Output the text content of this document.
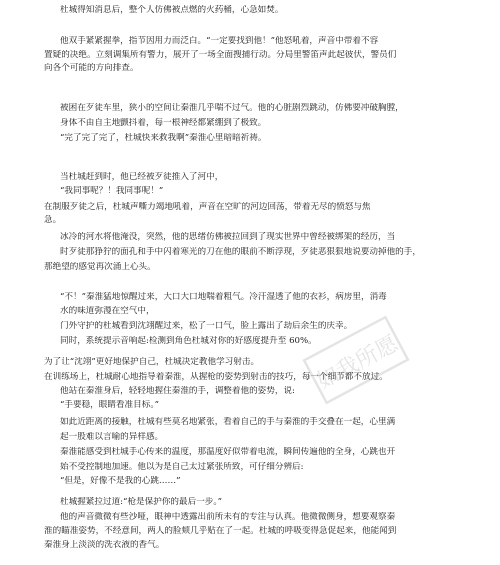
杜城得知消息后，整个人仿佛被点燃的火药桶，心急如焚。
他双手紧紧握拳，指节因用力而泛白。“一定要找到他！”他怒吼着，声音中带着不容
置疑的决绝。立刻调集所有警力，展开了一场全面搜捕行动。分局里警笛声此起彼伏，警员们
向各个可能的方向排查。
被困在歹徒车里，狭小的空间让秦淮几乎喘不过气。他的心脏剧烈跳动，仿佛要冲破胸膛，
身体不由自主地颤抖着，每一根神经都紧绷到了极致。
“完了完了完了，杜城快来救我啊”秦淮心里暗暗祈祷。
当杜城赶到时，他已经被歹徒推入了河中，
“我同事呢？！我同事呢！”
在制服歹徒之后，杜城声嘶力竭地吼着，声音在空旷的河边回荡，带着无尽的愤怒与焦
急。
冰冷的河水将他淹没，突然，他的思绪仿佛被拉回到了现实世界中曾经被绑架的经历，当
时歹徒那狰狞的面孔和手中闪着寒光的刀在他的眼前不断浮现，歹徒恶狠狠地说要动掉他的手，
那绝望的感觉再次涌上心头。
“不！”秦淮猛地惊醒过来，大口大口地喘着粗气。冷汗湿透了他的衣衫，病房里，消毒
水的味道弥漫在空气中，
门外守护的杜城看到沈翊醒过来，松了一口气，脸上露出了劫后余生的庆幸。
同时，系统提示音响起:检测到角色杜城对你的好感度提升至 60%。
为了让“沈翊”更好地保护自己，杜城决定教他学习射击。
在训练场上，杜城耐心地指导着秦淮，从握枪的姿势到射击的技巧，每一个细节都不放过。
他站在秦淮身后，轻轻地握住秦淮的手，调整着他的姿势，说:
“手要稳，眼睛看准目标。”
如此近距离的接触，杜城有些莫名地紧张，看着自己的手与秦淮的手交叠在一起，心里满
起一股难以言喻的异样感。
秦淮能感受到杜城手心传来的温度，那温度好似带着电流，瞬间传遍他的全身，心跳也开
始不受控制地加速。他以为是自己太过紧张所致，可仔细分辨后:
“但是，好像不是我的心跳……”
杜城握紧拉过道:“枪是保护你的最后一步。”
他的声音微微有些沙哑，眼神中透露出前所未有的专注与认真。他微微侧身，想要观察秦
淮的瞄准姿势，不经意间，两人的脸颊几乎贴在了一起。杜城的呼吸变得急促起来，他能闻到
秦淮身上淡淡的洗衣液的香气。
如我所愿
